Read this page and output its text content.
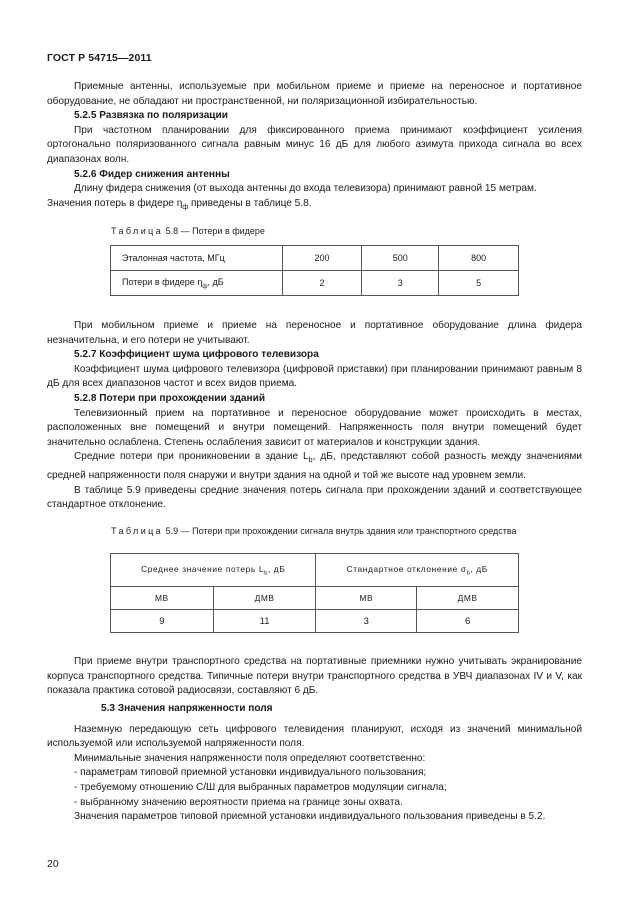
ГОСТ Р 54715—2011

Приемные антенны, используемые при мобильном приеме и приеме на переносное и портативное оборудование, не обладают ни пространственной, ни поляризационной избирательностью.

5.2.5 Развязка по поляризации

При частотном планировании для фиксированного приема принимают коэффициент усиления ортогонально поляризованного сигнала равным минус 16 дБ для любого азимута прихода сигнала во всех диапазонах волн.

5.2.6 Фидер снижения антенны

Длину фидера снижения (от выхода антенны до входа телевизора) принимают равной 15 метрам.

Значения потерь в фидере $\eta_ф$ приведены в таблице 5.8.

Таблица 5.8 — Потери в фидере
Эталонная частота, МГц	200	500	800
Потери в фидере $\eta_ф$, дБ	2	3	5

При мобильном приеме и приеме на переносное и портативное оборудование длина фидера незначительна, и его потери не учитывают.

5.2.7 Коэффициент шума цифрового телевизора

Коэффициент шума цифрового телевизора (цифровой приставки) при планировании принимают равным 8 дБ для всех диапазонов частот и всех видов приема.

5.2.8 Потери при прохождении зданий

Телевизионный прием на портативное и переносное оборудование может происходить в местах, расположенных вне помещений и внутри помещений. Напряженность поля внутри помещений будет значительно ослаблена. Степень ослабления зависит от материалов и конструкции здания.

Средние потери при проникновении в здание $L_b$, дБ, представляют собой разность между значениями средней напряженности поля снаружи и внутри здания на одной и той же высоте над уровнем земли.

В таблице 5.9 приведены средние значения потерь сигнала при прохождении зданий и соответствующее стандартное отклонение.

Таблица 5.9 — Потери при прохождении сигнала внутрь здания или транспортного средства
Среднее значение потерь $L_b$, дБ		Стандартное отклонение $\sigma_b$, дБ	
МВ	ДМВ	МВ	ДМВ
9	11	3	6

При приеме внутри транспортного средства на портативные приемники нужно учитывать экранирование корпуса транспортного средства. Типичные потери внутри транспортного средства в УВЧ диапазонах IV и V, как показала практика сотовой радиосвязи, составляют 6 дБ.

5.3 Значения напряженности поля

Наземную передающую сеть цифрового телевидения планируют, исходя из значений минимальной используемой или используемой напряженности поля.

Минимальные значения напряженности поля определяют соответственно:

- параметрам типовой приемной установки индивидуального пользования;

- требуемому отношению С/Ш для выбранных параметров модуляции сигнала;

- выбранному значению вероятности приема на границе зоны охвата.

Значения параметров типовой приемной установки индивидуального пользования приведены в 5.2.

20
